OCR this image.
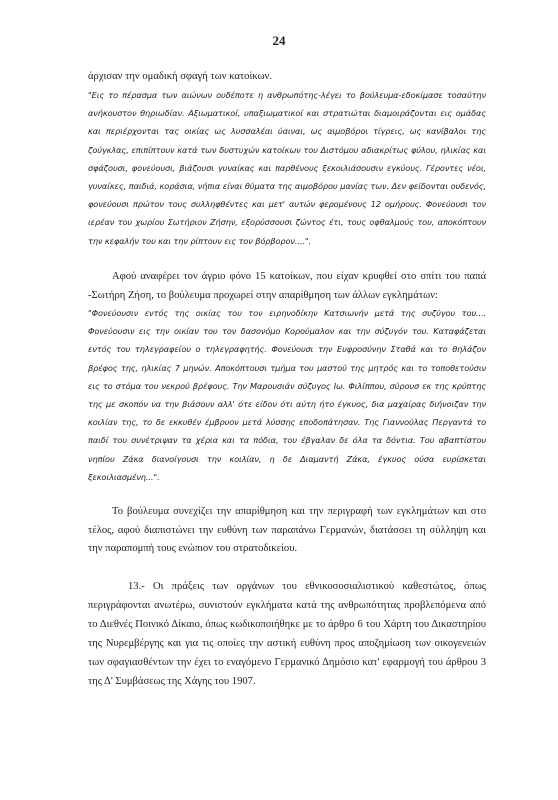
24

άρχισαν την ομαδική σφαγή των κατοίκων.

"Εις το πέρασμα των αιώνων ουδέποτε η ανθρωπότης-λέγει το βούλευμα-εδοκίμασε τοσαύτην ανήκουστον θηριωδίαν. Αξιωματικοί, υπαξιωματικοί και στρατιώται διαμοιράζονται εις ομάδας και περιέρχονται τας οικίας ως λυσσαλέαι ύαιναι, ως αιμοβόροι τίγρεις, ως κανίβαλοι της ζούγκλας, επιπίπτουν κατά των δυστυχών κατοίκων του Διστόμου αδιακρίτως φύλου, ηλικίας και σφάζουσι, φονεύουσι, βιάζουσι γυναίκας και παρθένους ξεκοιλιάσουσιν εγκύους. Γέροντες νέοι, γυναίκες, παιδιά, κοράσια, νήπια είναι θύματα της αιμοβόρου μανίας των. Δεν φείδονται ουδενός, φονεύουσι πρώτον τους συλληφθέντες και μετ' αυτών φερομένους 12 ομήρους. Φονεύουσι τον ιερέαν του χωρίου Σωτήριον Ζήσην, εξορύσσουσι ζώντος έτι, τους οφθαλμούς του, αποκόπτουν την κεφαλήν του και την ρίπτουν εις τον βόρβορον....".

Αφού αναφέρει τον άγριο φόνο 15 κατοίκων, που είχαν κρυφθεί στο σπίτι του παπά -Σωτήρη Ζήση, το βούλευμα προχωρεί στην απαρίθμηση των άλλων εγκλημάτων:

"Φονεύουσιν εντός της οικίας του τον ειρηνοδίκην Κατσιωνήν μετά της συζύγου του.... Φονεύουσιν εις την οικίαν του τον δασονόμο Κορούμαλον και την σύζυγόν του. Καταφάζεται εντός του τηλεγραφείου ο τηλεγραφητής. Φονεύουσι την Ευφροσύνην Σταθά και το θηλάζον βρέφος της, ηλικίας 7 μηνών. Αποκόπτουσι τμήμα του μαστού της μητρός και το τοποθετούσιν εις το στόμα του νεκρού βρέφους. Την Μαρουσιάν σύζυγος Ιω. Φιλίππου, σύρουσ εκ της κρύπτης της με σκοπόν να την βιάσουν αλλ' ότε είδον ότι αύτη ήτο έγκυος, δια μαχαίρας διήνοιζαν την κοιλίαν της, το δε εκκυθέν έμβρυον μετά λύσσης εποδοπάτησαν. Της Γιαννούλας Περγαντά το παιδί του συνέτριψαν τα χέρια και τα πόδια, του έβγαλαν δε όλα τα δόντια. Του αβαπτίστου νηπίου Ζάκα διανοίγουσι την κοιλίαν, η δε Διαμαντή Ζάκα, έγκυος ούσα ευρίσκεται ξεκοιλιασμένη...".

Το βούλευμα συνεχίζει την απαρίθμηση και την περιγραφή των εγκλημάτων και στο τέλος, αφού διαπιστώνει την ευθύνη των παραπάνω Γερμανών, διατάσσει τη σύλληψη και την παραπομπή τους ενώπιον του στρατοδικείου.

13.- Οι πράξεις των οργάνων του εθνικοσοσιαλιστικού καθεστώτος, όπως περιγράφονται ανωτέρω, συνιστούν εγκλήματα κατά της ανθρωπότητας προβλεπόμενα από το Διεθνές Ποινικό Δίκαιο, όπως κωδικοποιήθηκε με το άρθρο 6 του Χάρτη του Δικαστηρίου της Νυρεμβέργης και για τις οποίες την αστική ευθύνη προς αποζημίωση των οικογενειών των σφαγιασθέντων την έχει το εναγόμενο Γερμανικό Δημόσιο κατ' εφαρμογή του άρθρου 3 της Δ' Συμβάσεως της Χάγης του 1907.
